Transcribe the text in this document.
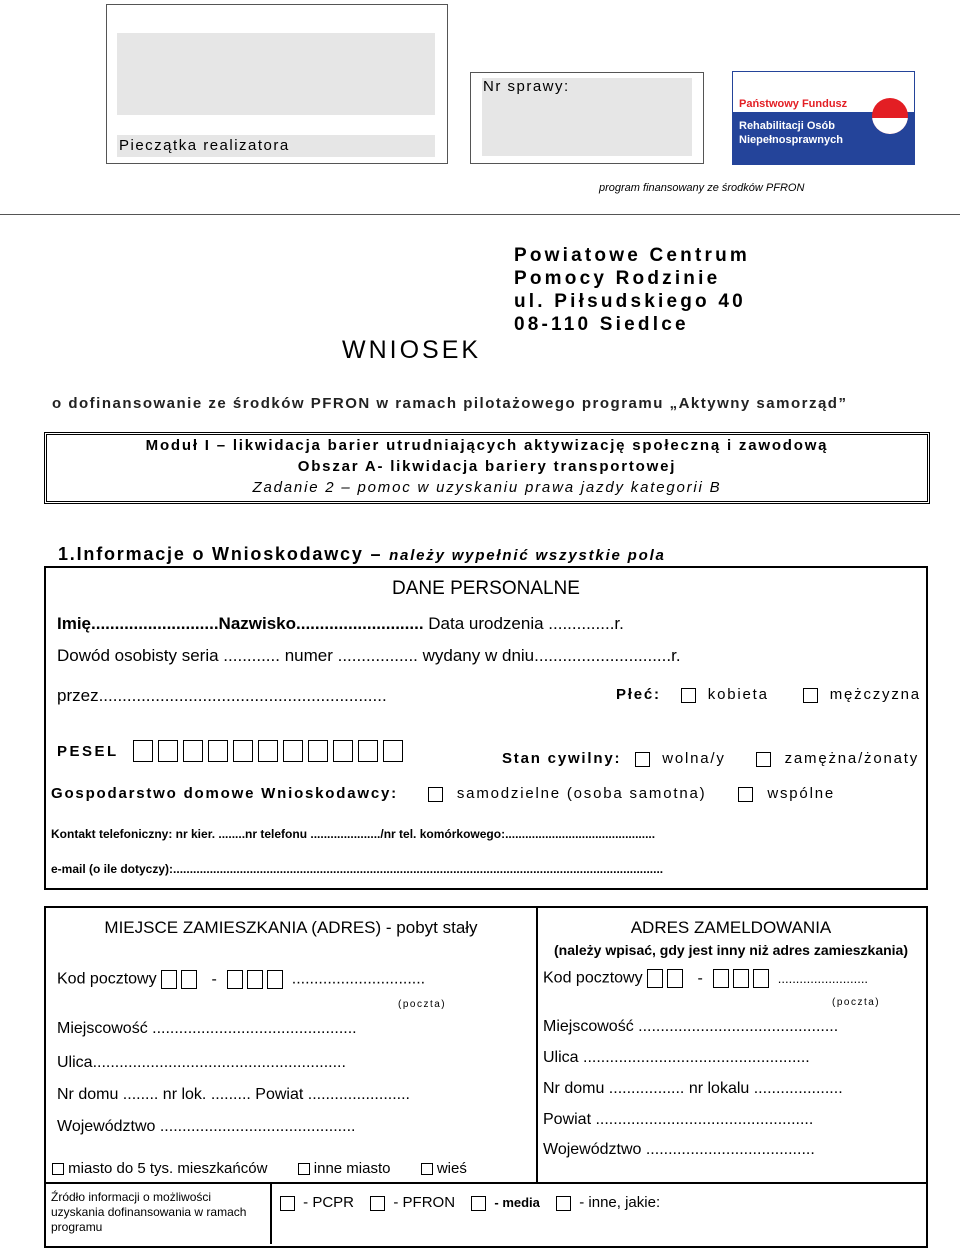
Pieczątka realizatora
Nr sprawy:
Państwowy Fundusz
Rehabilitacji Osób
Niepełnosprawnych
program finansowany ze środków PFRON
Powiatowe Centrum
Pomocy Rodzinie
ul. Piłsudskiego 40
08-110 Siedlce
WNIOSEK
o dofinansowanie ze środków PFRON w ramach pilotażowego programu „Aktywny samorząd”
Moduł I – likwidacja barier utrudniających aktywizację społeczną i zawodową
Obszar A- likwidacja bariery transportowej
Zadanie 2 – pomoc w uzyskaniu prawa jazdy kategorii B
1.Informacje o Wnioskodawcy – należy wypełnić wszystkie pola
DANE PERSONALNE
Imię...........................Nazwisko........................... Data urodzenia ..............r.
Dowód osobisty seria ............ numer ................. wydany w dniu.............................r.
przez.............................................................	Płeć:	kobieta	mężczyzna
PESEL	Stan cywilny:	wolna/y	zamężna/żonaty
Gospodarstwo domowe Wnioskodawcy:	samodzielne (osoba samotna)	wspólne
Kontakt telefoniczny: nr kier. ........nr telefonu ...................../nr tel. komórkowego:.............................................
e-mail (o ile dotyczy):...................................................................................................................................................
MIEJSCE ZAMIESZKANIA (ADRES) - pobyt stały
Kod pocztowy	-	..............................
(poczta)
Miejscowość ..............................................
Ulica.........................................................
Nr domu ........ nr lok. ......... Powiat .......................
Województwo ............................................
miasto do 5 tys. mieszkańców	inne miasto	wieś
ADRES ZAMELDOWANIA
(należy wpisać, gdy jest inny niż adres zamieszkania)
Kod pocztowy	-	.........................
(poczta)
Miejscowość .............................................
Ulica ...................................................
Nr domu ................. nr lokalu ....................
Powiat .................................................
Województwo ......................................
Źródło informacji o możliwości uzyskania dofinansowania w ramach programu
- PCPR	- PFRON	- media	- inne, jakie:
